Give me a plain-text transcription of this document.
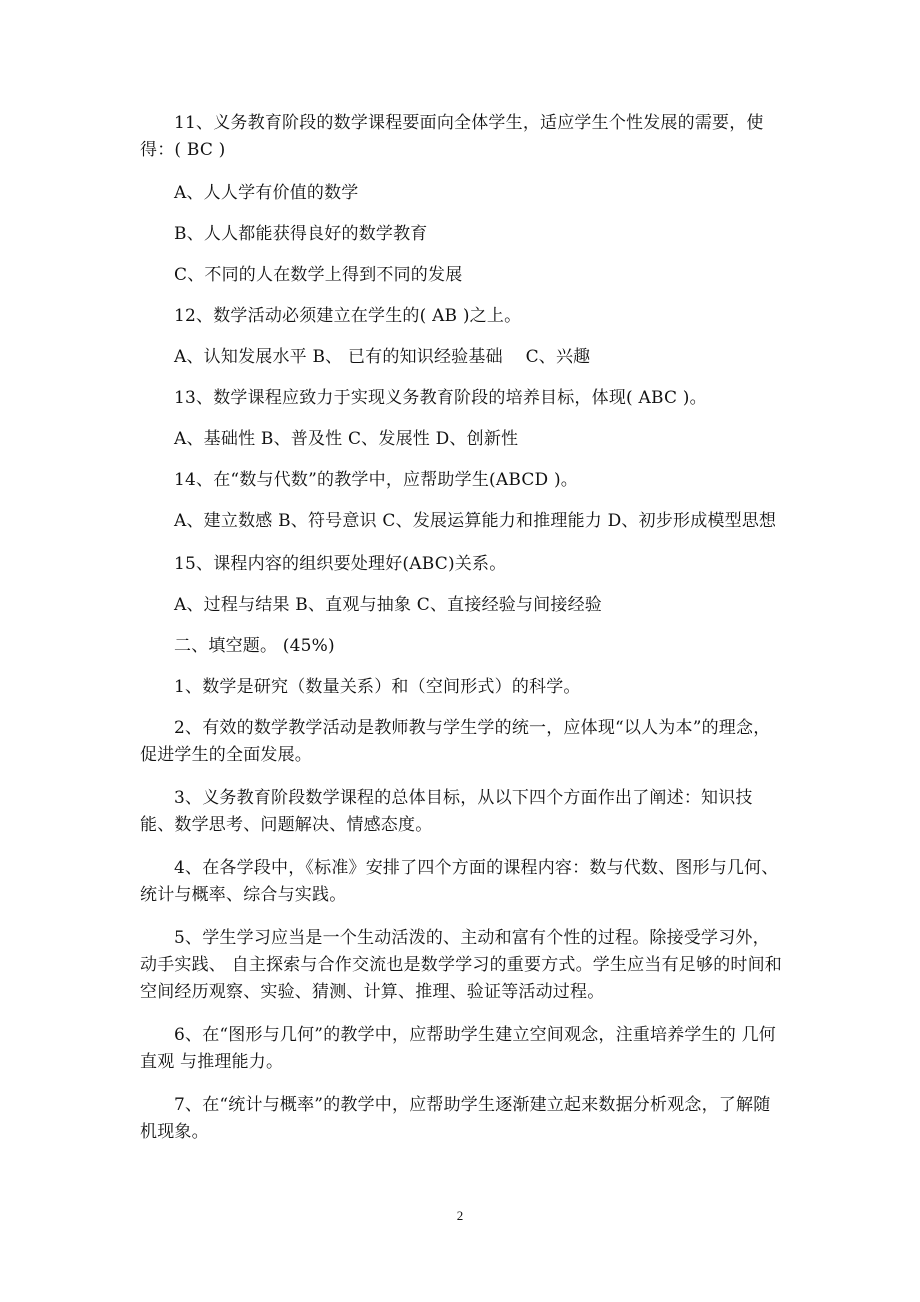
11、义务教育阶段的数学课程要面向全体学生，适应学生个性发展的需要，使得：( BC )

A、人人学有价值的数学

B、人人都能获得良好的数学教育

C、不同的人在数学上得到不同的发展

12、数学活动必须建立在学生的( AB )之上。

A、认知发展水平 B、 已有的知识经验基础　 C、兴趣

13、数学课程应致力于实现义务教育阶段的培养目标，体现( ABC )。

A、基础性 B、普及性 C、发展性 D、创新性

14、在“数与代数”的教学中，应帮助学生(ABCD )。

A、建立数感 B、符号意识 C、发展运算能力和推理能力 D、初步形成模型思想

15、课程内容的组织要处理好(ABC)关系。

A、过程与结果 B、直观与抽象 C、直接经验与间接经验

二、填空题。 (45%)

1、数学是研究（数量关系）和（空间形式）的科学。

2、有效的数学教学活动是教师教与学生学的统一，应体现“以人为本”的理念，促进学生的全面发展。

3、义务教育阶段数学课程的总体目标，从以下四个方面作出了阐述：知识技能、数学思考、问题解决、情感态度。

4、在各学段中，《标准》安排了四个方面的课程内容：数与代数、图形与几何、统计与概率、综合与实践。

5、学生学习应当是一个生动活泼的、主动和富有个性的过程。除接受学习外，动手实践、 自主探索与合作交流也是数学学习的重要方式。学生应当有足够的时间和空间经历观察、实验、猜测、计算、推理、验证等活动过程。

6、在“图形与几何”的教学中，应帮助学生建立空间观念，注重培养学生的 几何直观 与推理能力。

7、在“统计与概率”的教学中，应帮助学生逐渐建立起来数据分析观念，了解随机现象。

2
